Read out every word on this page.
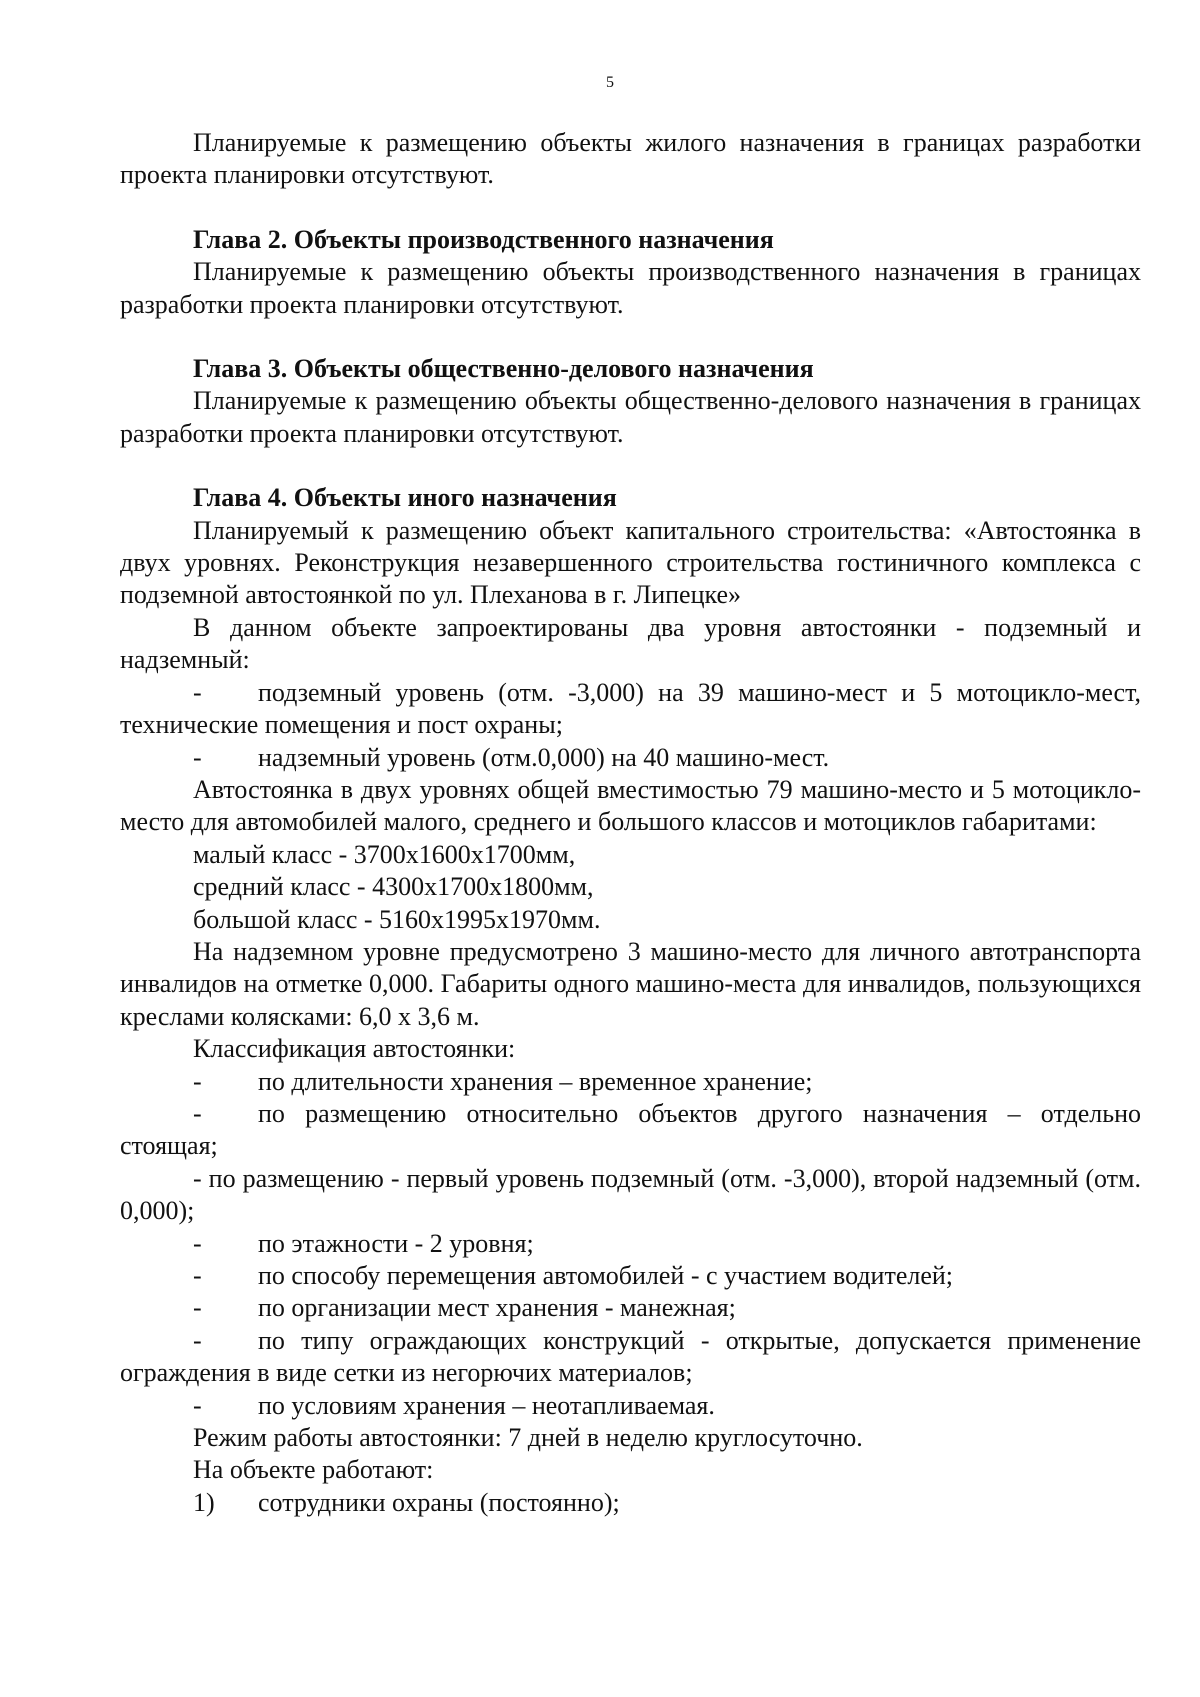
5

Планируемые к размещению объекты жилого назначения в границах разработки проекта планировки отсутствуют.

Глава 2. Объекты производственного назначения

Планируемые к размещению объекты производственного назначения в границах разработки проекта планировки отсутствуют.

Глава 3. Объекты общественно-делового назначения

Планируемые к размещению объекты общественно-делового назначения в границах разработки проекта планировки отсутствуют.

Глава 4. Объекты иного назначения

Планируемый к размещению объект капитального строительства: «Автостоянка в двух уровнях. Реконструкция незавершенного строительства гостиничного комплекса с подземной автостоянкой по ул. Плеханова в г. Липецке»

В данном объекте запроектированы два уровня автостоянки - подземный и надземный:

- подземный уровень (отм. -3,000) на 39 машино-мест и 5 мотоцикло-мест, технические помещения и пост охраны;

- надземный уровень (отм.0,000) на 40 машино-мест.

Автостоянка в двух уровнях общей вместимостью 79 машино-место и 5 мотоцикло-место для автомобилей малого, среднего и большого классов и мотоциклов габаритами:

малый класс - 3700х1600х1700мм,

средний класс - 4300х1700х1800мм,

большой класс - 5160х1995х1970мм.

На надземном уровне предусмотрено 3 машино-место для личного автотранспорта инвалидов на отметке 0,000. Габариты одного машино-места для инвалидов, пользующихся креслами колясками: 6,0 х 3,6 м.

Классификация автостоянки:

- по длительности хранения – временное хранение;

- по размещению относительно объектов другого назначения – отдельно стоящая;

- по размещению - первый уровень подземный (отм. -3,000), второй надземный (отм. 0,000);

- по этажности - 2 уровня;

- по способу перемещения автомобилей - с участием водителей;

- по организации мест хранения - манежная;

- по типу ограждающих конструкций - открытые, допускается применение ограждения в виде сетки из негорючих материалов;

- по условиям хранения – неотапливаемая.

Режим работы автостоянки: 7 дней в неделю круглосуточно.

На объекте работают:

1) сотрудники охраны (постоянно);
